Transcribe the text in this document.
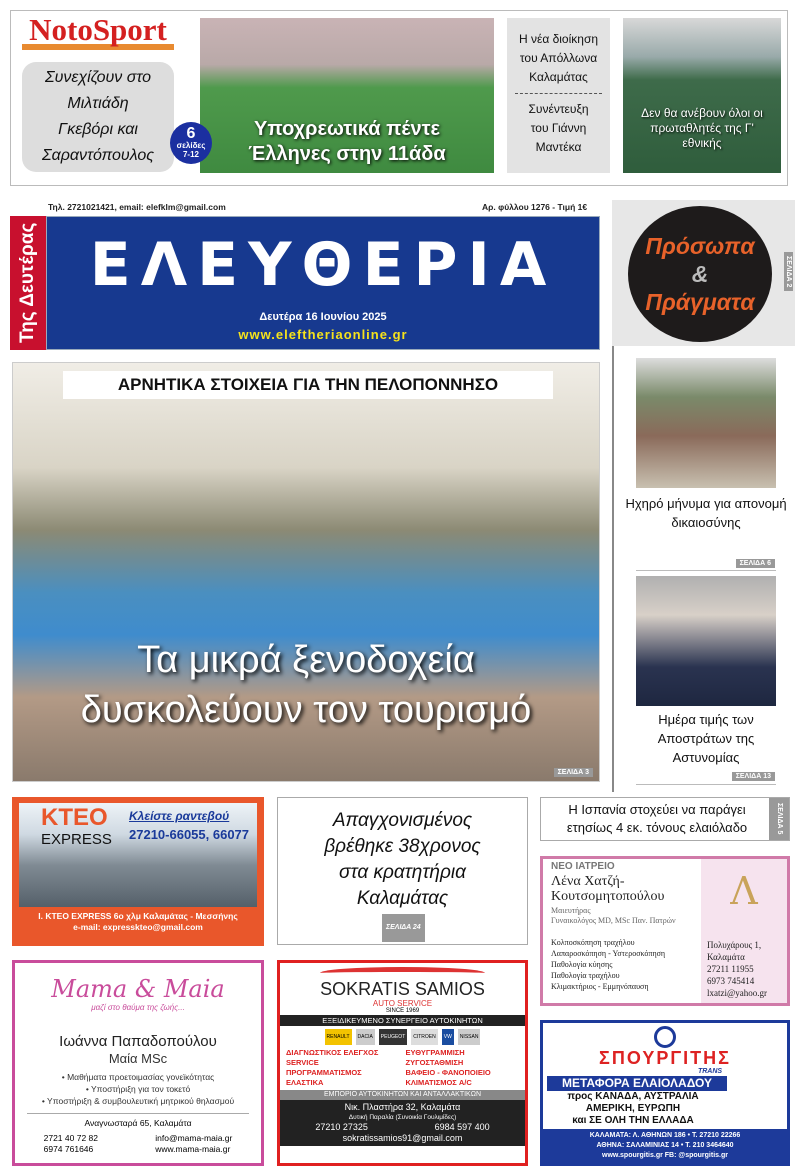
NotoSport
Συνεχίζουν στο Μιλτιάδη Γκεβόρι και Σαραντόπουλος
Υποχρεωτικά πέντε Έλληνες στην 11άδα
6
σελίδες
7-12
Η νέα διοίκηση του Απόλλωνα Καλαμάτας
Συνέντευξη του Γιάννη Μαντέκα
Δεν θα ανέβουν όλοι οι πρωταθλητές της Γ' εθνικής
Τηλ. 2721021421, email: elefklm@gmail.com	Αρ. φύλλου 1276 - Τιμή 1€
Της Δευτέρας ΕΛΕΥΘΕΡΙΑ
Δευτέρα 16 Ιουνίου 2025
www.eleftheriaonline.gr
Πρόσωπα
&
Πράγματα
ΣΕΛΙΔΑ 2
ΑΡΝΗΤΙΚΑ ΣΤΟΙΧΕΙΑ ΓΙΑ ΤΗΝ ΠΕΛΟΠΟΝΝΗΣΟ
Τα μικρά ξενοδοχεία
δυσκολεύουν τον τουρισμό
ΣΕΛΙΔΑ 3
Ηχηρό μήνυμα για απονομή δικαιοσύνης
ΣΕΛΙΔΑ 6
Ημέρα τιμής των Αποστράτων της Αστυνομίας
ΣΕΛΙΔΑ 13
KTEO
EXPRESS
Κλείστε ραντεβού
27210-66055, 66077
Ι. ΚΤΕΟ EXPRESS 6ο χλμ Καλαμάτας - Μεσσήνης
e-mail: expresskteo@gmail.com
Απαγχονισμένος βρέθηκε 38χρονος στα κρατητήρια Καλαμάτας
ΣΕΛΙΔΑ 24
Η Ισπανία στοχεύει να παράγει ετησίως 4 εκ. τόνους ελαιόλαδο	ΣΕΛΙΔΑ 5
Λ
ΝΕΟ ΙΑΤΡΕΙΟ
Λένα Χατζή-
Κουτσομητοπούλου
Μαιευτήρας
Γυναικολόγος MD, MSc Παν. Πατρών
Κολποσκόπηση τραχήλου
Λαπαροσκόπηση - Υστεροσκόπηση
Παθολογία κύησης
Παθολογία τραχήλου
Κλιμακτήριος - Εμμηνόπαυση
Πολυχάρους 1, Καλαμάτα
27211 11955
6973 745414
lxatzi@yahoo.gr
Mama & Maia
μαζί στο θαύμα της ζωής...
Ιωάννα Παπαδοπούλου
Μαία MSc
• Μαθήματα προετοιμασίας γονεϊκότητας
• Υποστήριξη για τον τοκετό
• Υποστήριξη & συμβουλευτική μητρικού θηλασμού
Αναγνωσταρά 65, Καλαμάτα
2721 40 72 82
6974 761646
info@mama-maia.gr
www.mama-maia.gr
SOKRATIS SAMIOS
AUTO SERVICE
SINCE 1969
ΕΞΕΙΔΙΚΕΥΜΕΝΟ ΣΥΝΕΡΓΕΙΟ ΑΥΤΟΚΙΝΗΤΩΝ
RENAULT	DACIA	PEUGEOT	CITROEN	VW	NISSAN
ΔΙΑΓΝΩΣΤΙΚΟΣ ΕΛΕΓΧΟΣ
SERVICE
ΠΡΟΓΡΑΜΜΑΤΙΣΜΟΣ
ΕΛΑΣΤΙΚΑ
ΕΥΘΥΓΡΑΜΜΙΣΗ
ΖΥΓΟΣΤΑΘΜΙΣΗ
ΒΑΦΕΙΟ - ΦΑΝΟΠΟΙΕΙΟ
ΚΛΙΜΑΤΙΣΜΟΣ A/C
ΕΜΠΟΡΙΟ ΑΥΤΟΚΙΝΗΤΩΝ ΚΑΙ ΑΝΤΑΛΛΑΚΤΙΚΩΝ
Νικ. Πλαστήρα 32, Καλαμάτα
Δυτική Παραλία (Συνοικία Γουλιμίδες)
27210 27325	6984 597 400
sokratissamios91@gmail.com
ΣΠΟΥΡΓΙΤΗΣ
TRANS
ΜΕΤΑΦΟΡΑ ΕΛΑΙΟΛΑΔΟΥ
προς ΚΑΝΑΔΑ, ΑΥΣΤΡΑΛΙΑ
ΑΜΕΡΙΚΗ, ΕΥΡΩΠΗ
και ΣΕ ΟΛΗ ΤΗΝ ΕΛΛΑΔΑ
ΚΑΛΑΜΑΤΑ: Λ. ΑΘΗΝΩΝ 186 • Τ. 27210 22266
ΑΘΗΝΑ: ΣΑΛΑΜΙΝΙΑΣ 14 • Τ. 210 3464640
www.spourgitis.gr FB: @spourgitis.gr
